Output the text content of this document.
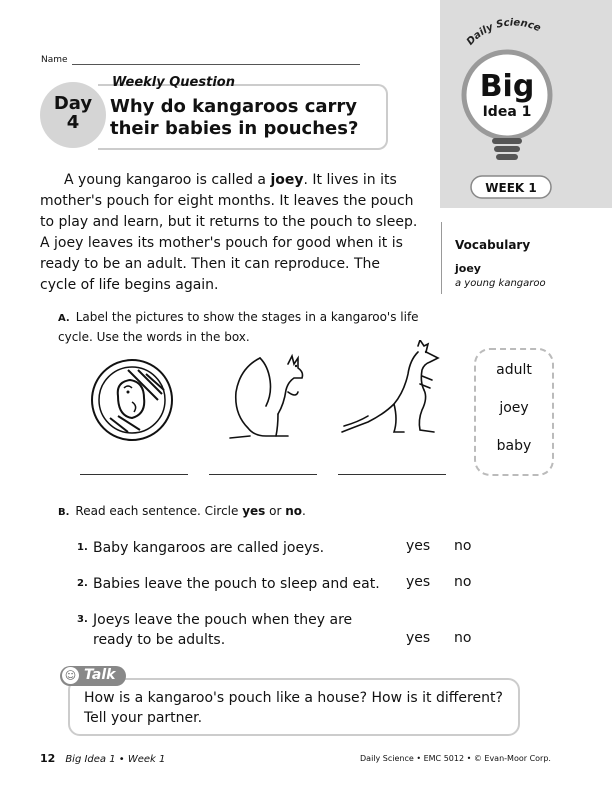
Daily Science
Big
Idea 1
WEEK 1
Name
Day
4
Weekly Question
Why do kangaroos carry their babies in pouches?
A young kangaroo is called a joey. It lives in its mother's pouch for eight months. It leaves the pouch to play and learn, but it returns to the pouch to sleep. A joey leaves its mother's pouch for good when it is ready to be an adult. Then it can reproduce. The cycle of life begins again.
Vocabulary
joey
a young kangaroo
A. Label the pictures to show the stages in a kangaroo's life cycle. Use the words in the box.
adult
joey
baby
B. Read each sentence. Circle yes or no.
1. Baby kangaroos are called joeys.	yes no
2. Babies leave the pouch to sleep and eat.	yes no
3. Joeys leave the pouch when they are ready to be adults.	yes no
☺ Talk
How is a kangaroo's pouch like a house? How is it different? Tell your partner.
12 Big Idea 1 • Week 1	Daily Science • EMC 5012 • © Evan-Moor Corp.
